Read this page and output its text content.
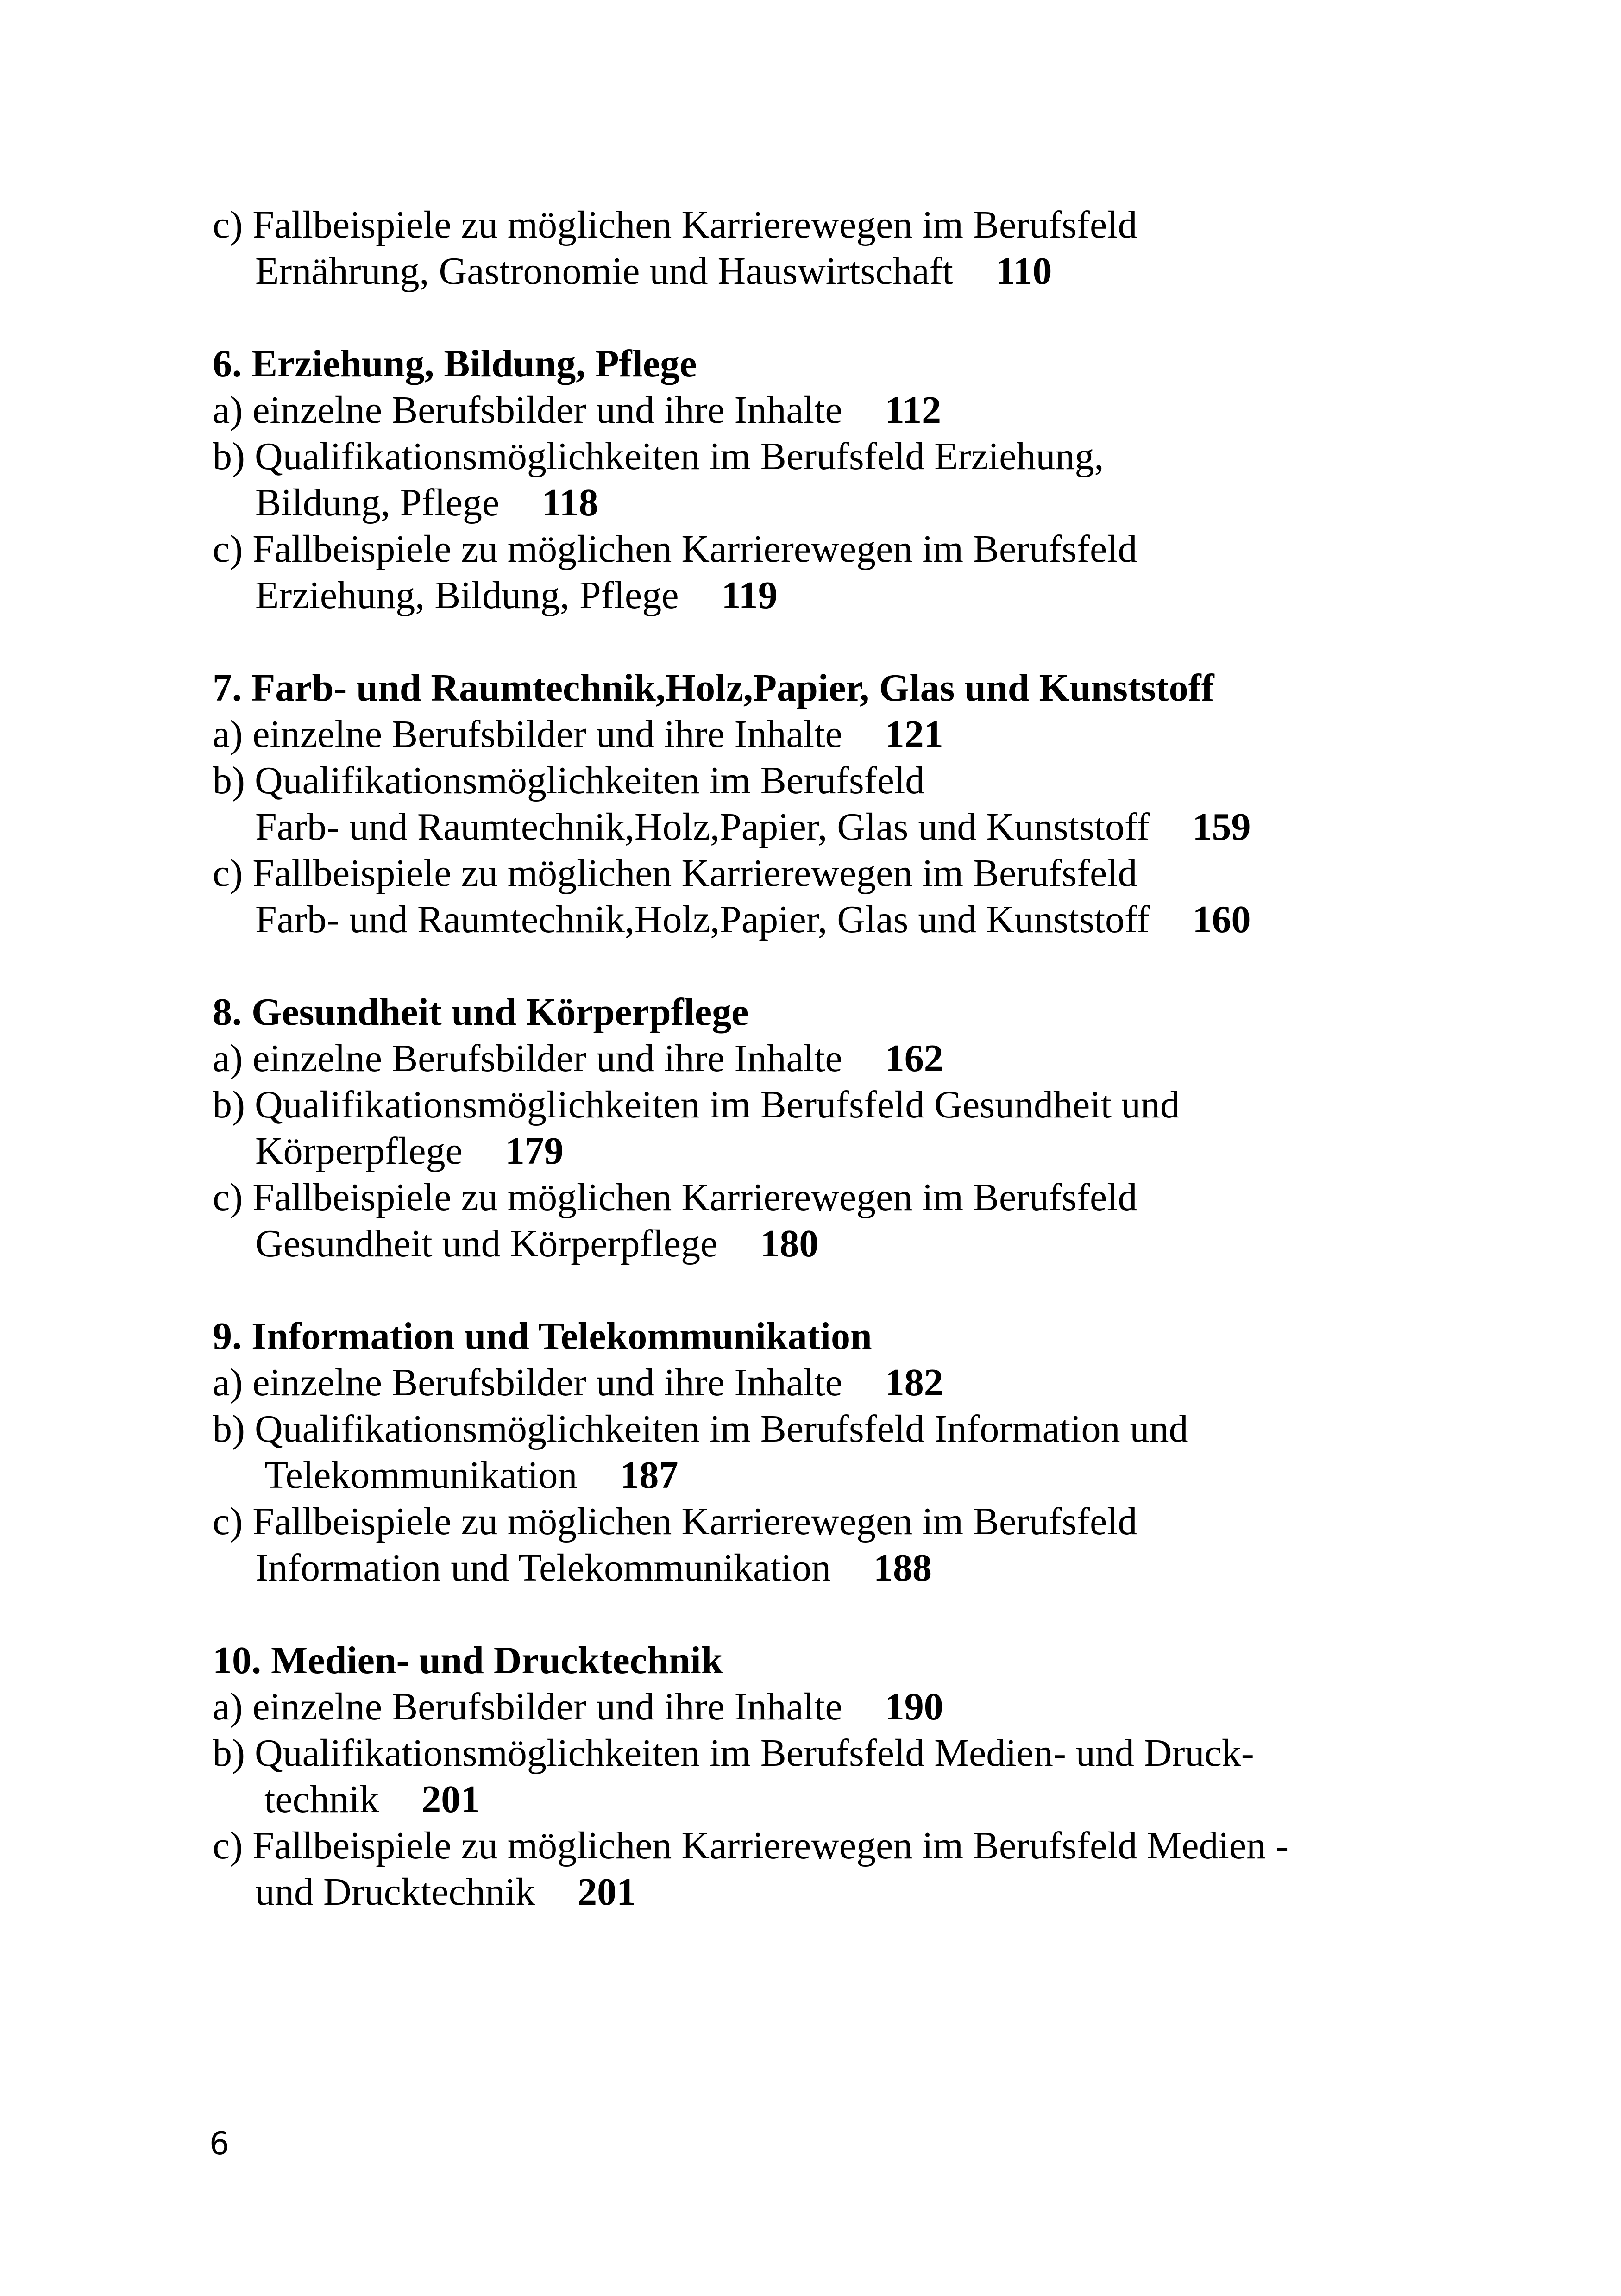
c) Fallbeispiele zu möglichen Karrierewegen im Berufsfeld
Ernährung, Gastronomie und Hauswirtschaft 110
6. Erziehung, Bildung, Pflege
a) einzelne Berufsbilder und ihre Inhalte 112
b) Qualifikationsmöglichkeiten im Berufsfeld Erziehung,
Bildung, Pflege 118
c) Fallbeispiele zu möglichen Karrierewegen im Berufsfeld
Erziehung, Bildung, Pflege 119
7. Farb- und Raumtechnik,Holz,Papier, Glas und Kunststoff
a) einzelne Berufsbilder und ihre Inhalte 121
b) Qualifikationsmöglichkeiten im Berufsfeld
Farb- und Raumtechnik,Holz,Papier, Glas und Kunststoff 159
c) Fallbeispiele zu möglichen Karrierewegen im Berufsfeld
Farb- und Raumtechnik,Holz,Papier, Glas und Kunststoff 160
8. Gesundheit und Körperpflege
a) einzelne Berufsbilder und ihre Inhalte 162
b) Qualifikationsmöglichkeiten im Berufsfeld Gesundheit und
Körperpflege 179
c) Fallbeispiele zu möglichen Karrierewegen im Berufsfeld
Gesundheit und Körperpflege 180
9. Information und Telekommunikation
a) einzelne Berufsbilder und ihre Inhalte 182
b) Qualifikationsmöglichkeiten im Berufsfeld Information und
Telekommunikation 187
c) Fallbeispiele zu möglichen Karrierewegen im Berufsfeld
Information und Telekommunikation 188
10. Medien- und Drucktechnik
a) einzelne Berufsbilder und ihre Inhalte 190
b) Qualifikationsmöglichkeiten im Berufsfeld Medien- und Druck-
technik 201
c) Fallbeispiele zu möglichen Karrierewegen im Berufsfeld Medien -
und Drucktechnik 201
6
